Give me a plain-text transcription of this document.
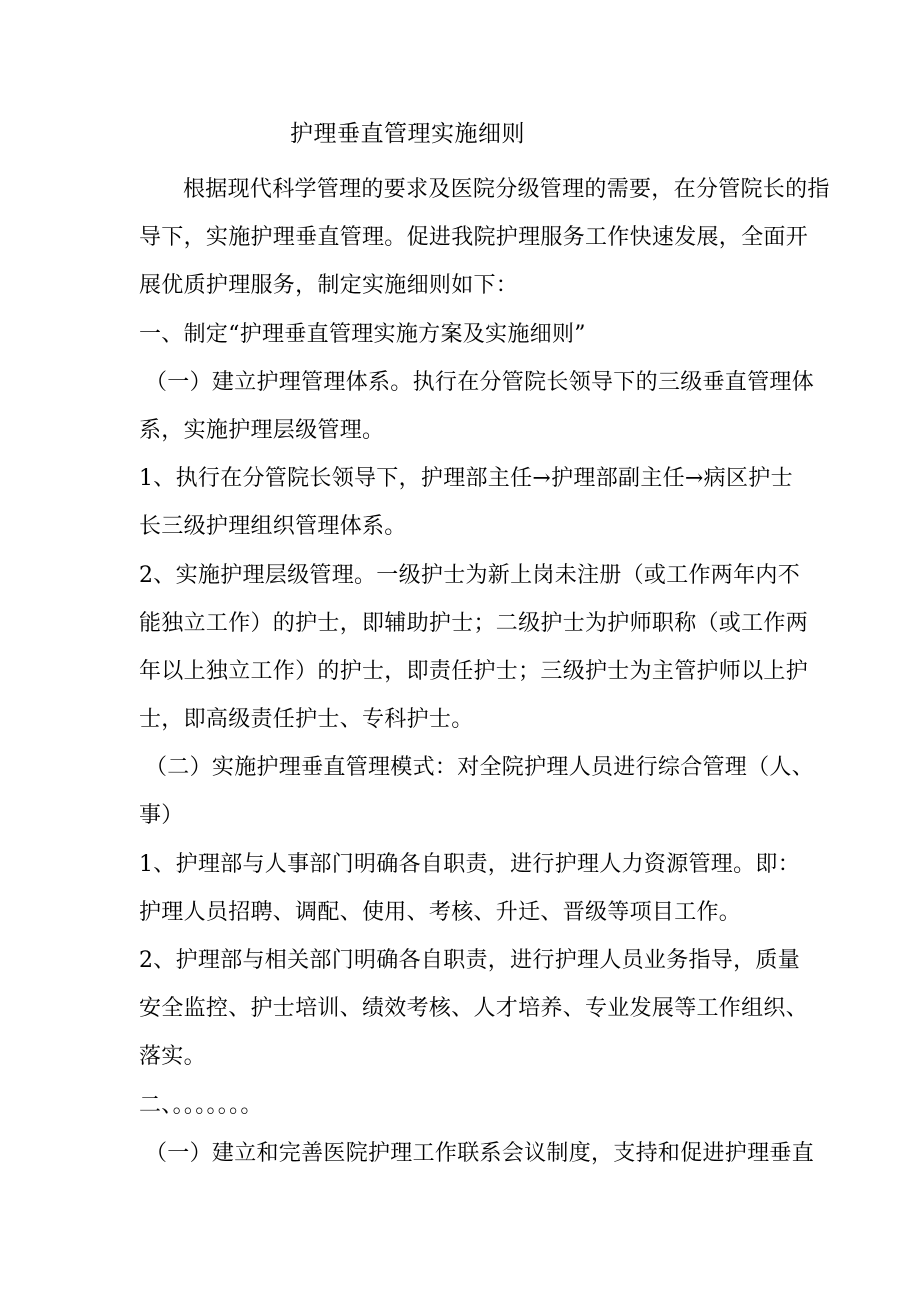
护理垂直管理实施细则
根据现代科学管理的要求及医院分级管理的需要，在分管院长的指
导下，实施护理垂直管理。促进我院护理服务工作快速发展，全面开
展优质护理服务，制定实施细则如下：
一、制定“护理垂直管理实施方案及实施细则”
（一）建立护理管理体系。执行在分管院长领导下的三级垂直管理体
系，实施护理层级管理。
1、执行在分管院长领导下，护理部主任→护理部副主任→病区护士
长三级护理组织管理体系。
2、实施护理层级管理。一级护士为新上岗未注册（或工作两年内不
能独立工作）的护士，即辅助护士；二级护士为护师职称（或工作两
年以上独立工作）的护士，即责任护士；三级护士为主管护师以上护
士，即高级责任护士、专科护士。
（二）实施护理垂直管理模式：对全院护理人员进行综合管理（人、
事）
1、护理部与人事部门明确各自职责，进行护理人力资源管理。即：
护理人员招聘、调配、使用、考核、升迁、晋级等项目工作。
2、护理部与相关部门明确各自职责，进行护理人员业务指导，质量
安全监控、护士培训、绩效考核、人才培养、专业发展等工作组织、
落实。
二、。。。。。。。
（一）建立和完善医院护理工作联系会议制度，支持和促进护理垂直
